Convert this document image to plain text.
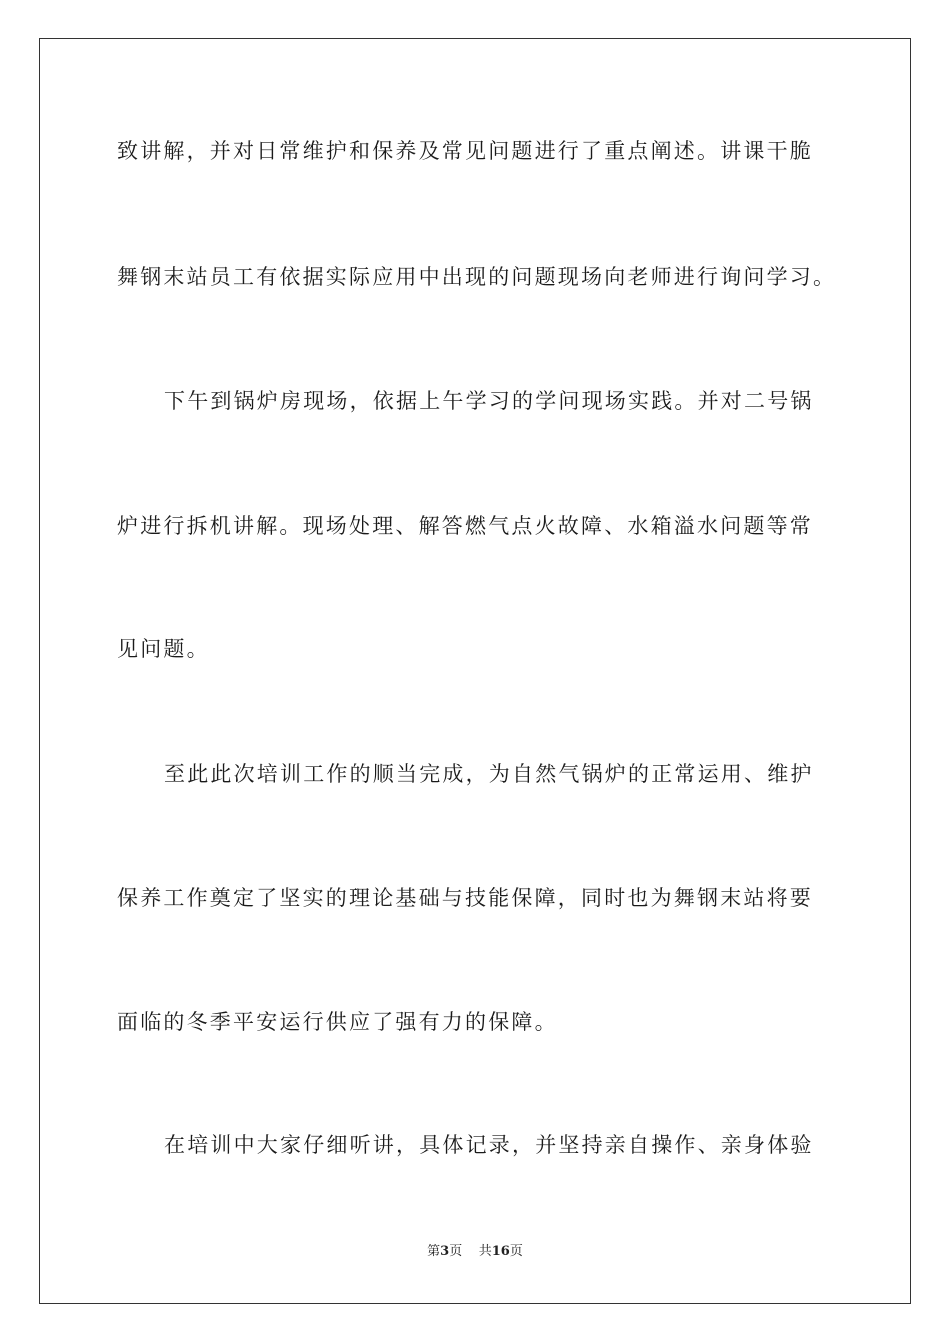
致讲解，并对日常维护和保养及常见问题进行了重点阐述。讲课干脆
舞钢末站员工有依据实际应用中出现的问题现场向老师进行询问学习。
下午到锅炉房现场，依据上午学习的学问现场实践。并对二号锅
炉进行拆机讲解。现场处理、解答燃气点火故障、水箱溢水问题等常
见问题。
至此此次培训工作的顺当完成，为自然气锅炉的正常运用、维护
保养工作奠定了坚实的理论基础与技能保障，同时也为舞钢末站将要
面临的冬季平安运行供应了强有力的保障。
在培训中大家仔细听讲，具体记录，并坚持亲自操作、亲身体验
第3页 共16页
